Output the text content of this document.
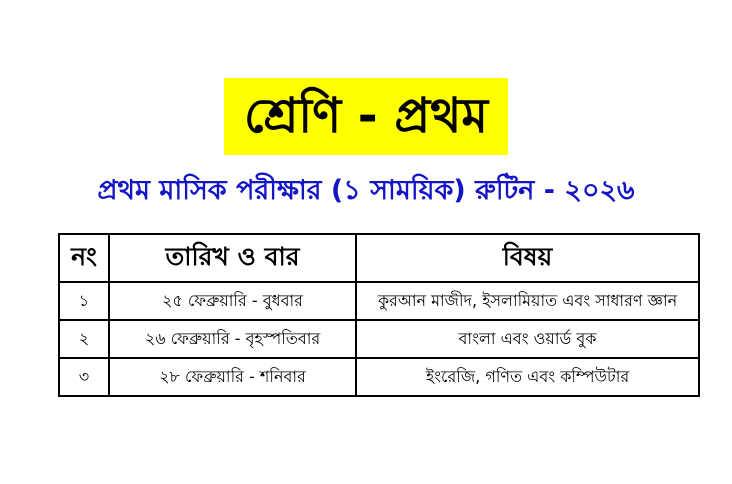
শ্রেণি - প্রথম
প্রথম মাসিক পরীক্ষার (১ সাময়িক) রুটিন - ২০২৬
নং	তারিখ ও বার	বিষয়
১	২৫ ফেব্রুয়ারি - বুধবার	কুরআন মাজীদ, ইসলামিয়াত এবং সাধারণ জ্ঞান
২	২৬ ফেব্রুয়ারি - বৃহস্পতিবার	বাংলা এবং ওয়ার্ড বুক
৩	২৮ ফেব্রুয়ারি - শনিবার	ইংরেজি, গণিত এবং কম্পিউটার
